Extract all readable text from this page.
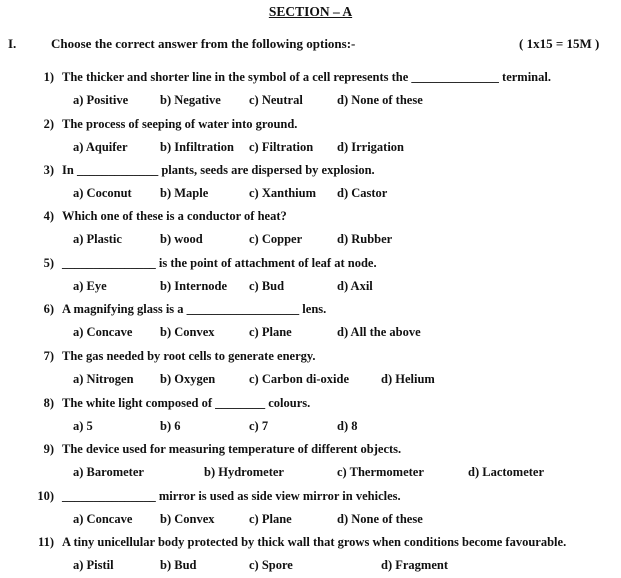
SECTION – A
I.	Choose the correct answer from the following options:-	( 1x15 = 15M )
1) The thicker and shorter line in the symbol of a cell represents the ______________ terminal.
a) Positive	b) Negative c) Neutral	d) None of these
2) The process of seeping of water into ground.
a) Aquifer	b) Infiltration c) Filtration d) Irrigation
3) In _____________ plants, seeds are dispersed by explosion.
a) Coconut b) Maple	c) Xanthium d) Castor
4) Which one of these is a conductor of heat?
a) Plastic	b) wood	c) Copper	d) Rubber
5) _______________ is the point of attachment of leaf at node.
a) Eye	b) Internode c) Bud	d) Axil
6) A magnifying glass is a __________________ lens.
a) Concave b) Convex	c) Plane	d) All the above
7) The gas needed by root cells to generate energy.
a) Nitrogen b) Oxygen	c) Carbon di-oxide	d) Helium
8) The white light composed of ________ colours.
a) 5	b) 6	c) 7	d) 8
9) The device used for measuring temperature of different objects.
a) Barometer	b) Hydrometer	c) Thermometer	d) Lactometer
10) _______________ mirror is used as side view mirror in vehicles.
a) Concave b) Convex	c) Plane	d) None of these
11) A tiny unicellular body protected by thick wall that grows when conditions become favourable.
a) Pistil	b) Bud	c) Spore	d) Fragment
